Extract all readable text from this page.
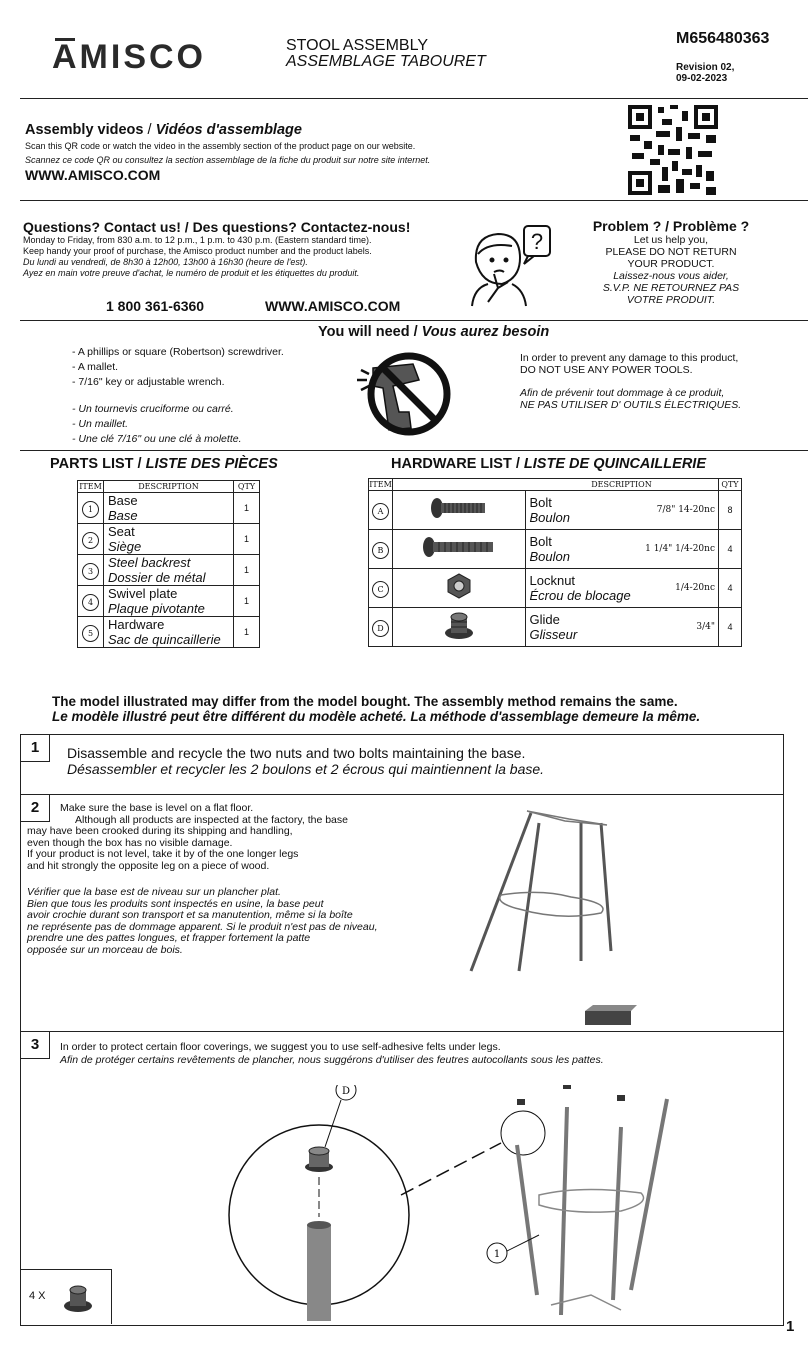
AMISCO	STOOL ASSEMBLY
ASSEMBLAGE TABOURET
M656480363
Revision 02,
09-02-2023
Assembly videos / Vidéos d'assemblage
Scan this QR code or watch the video in the assembly section of the product page on our website.
Scannez ce code QR ou consultez la section assemblage de la fiche du produit sur notre site internet.
WWW.AMISCO.COM
Questions? Contact us! / Des questions? Contactez-nous!
Monday to Friday, from 830 a.m. to 12 p.m., 1 p.m. to 430 p.m. (Eastern standard time).
Keep handy your proof of purchase, the Amisco product number and the product labels.
Du lundi au vendredi, de 8h30 à 12h00, 13h00 à 16h30 (heure de l'est).
Ayez en main votre preuve d'achat, le numéro de produit et les étiquettes du produit.
1 800 361-6360	WWW.AMISCO.COM
?
Problem ? / Problème ?
Let us help you,
PLEASE DO NOT RETURN
YOUR PRODUCT.
Laissez-nous vous aider,
S.V.P. NE RETOURNEZ PAS
VOTRE PRODUIT.
You will need / Vous aurez besoin
- A phillips or square (Robertson) screwdriver.
- A mallet.
- 7/16" key or adjustable wrench.
- Un tournevis cruciforme ou carré.
- Un maillet.
- Une clé 7/16" ou une clé à molette.
In order to prevent any damage to this product,
DO NOT USE ANY POWER TOOLS.
Afin de prévenir tout dommage à ce produit,
NE PAS UTILISER D' OUTILS ÉLECTRIQUES.
PARTS LIST / LISTE DES PIÈCES
ITEM	DESCRIPTION	QTY
1	Base
Base	1
2	Seat
Siège	1
3	Steel backrest
Dossier de métal	1
4	Swivel plate
Plaque pivotante	1
5	Hardware
Sac de quincaillerie	1
HARDWARE LIST / LISTE DE QUINCAILLERIE
ITEM		DESCRIPTION		QTY
A		Bolt
Boulon	7/8" 14-20nc	8
B		Bolt
Boulon	1 1/4" 1/4-20nc	4
C		Locknut
Écrou de blocage	1/4-20nc	4
D		Glide
Glisseur	3/4"	4
The model illustrated may differ from the model bought. The assembly method remains the same.
Le modèle illustré peut être différent du modèle acheté. La méthode d'assemblage demeure la même.
1	Disassemble and recycle the two nuts and two bolts maintaining the base.
Désassembler et recycler les 2 boulons et 2 écrous qui maintiennent la base.
2	Make sure the base is level on a flat floor.
Although all products are inspected at the factory, the base
may have been crooked during its shipping and handling,
even though the box has no visible damage.
If your product is not level, take it by of the one longer legs
and hit strongly the opposite leg on a piece of wood.
Vérifier que la base est de niveau sur un plancher plat.
Bien que tous les produits sont inspectés en usine, la base peut
avoir crochie durant son transport et sa manutention, même si la boîte
ne représente pas de dommage apparent. Si le produit n'est pas de niveau,
prendre une des pattes longues, et frapper fortement la patte
opposée sur un morceau de bois.
3	In order to protect certain floor coverings, we suggest you to use self-adhesive felts under legs.
Afin de protéger certains revêtements de plancher, nous suggérons d'utiliser des feutres autocollants sous les pattes.
D
1
4 X
1
